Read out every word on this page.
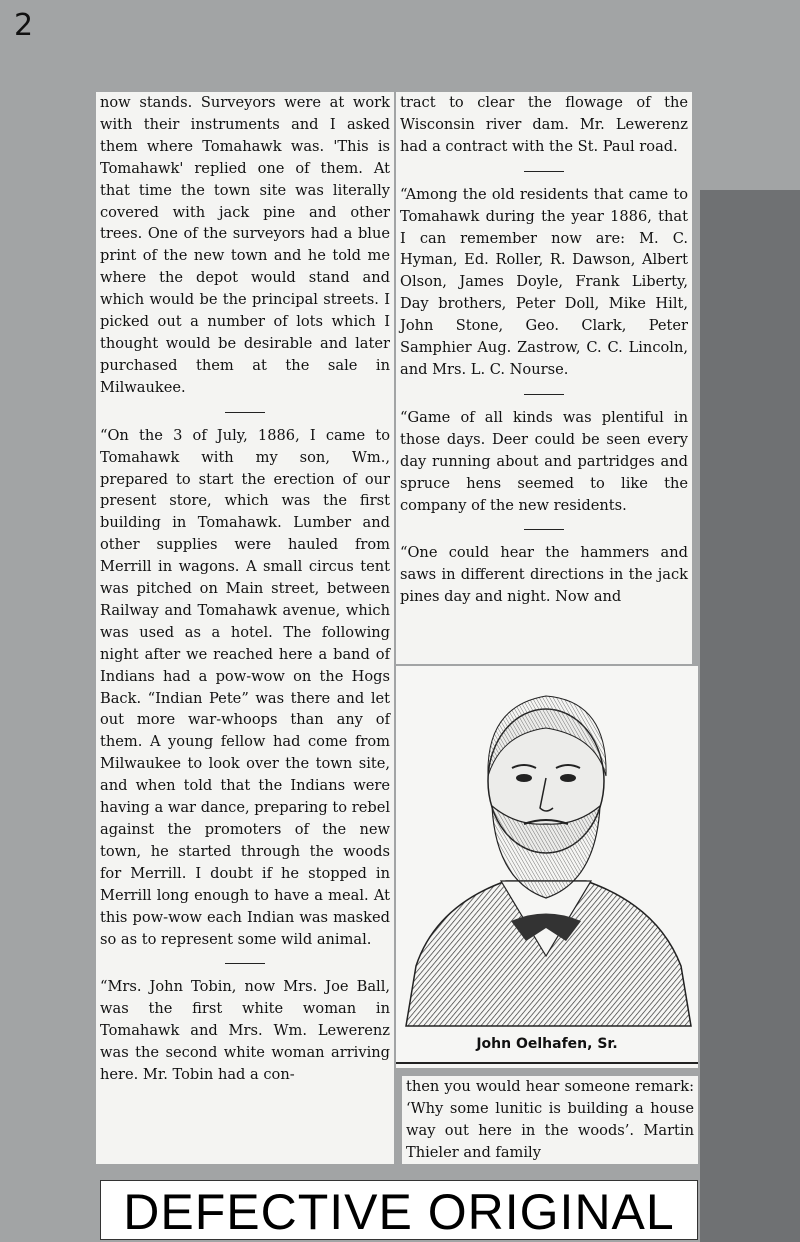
2

now stands. Surveyors were at work with their instruments and I asked them where Tomahawk was. 'This is Tomahawk' replied one of them. At that time the town site was literally covered with jack pine and other trees. One of the surveyors had a blue print of the new town and he told me where the depot would stand and which would be the principal streets. I picked out a number of lots which I thought would be desirable and later purchased them at the sale in Milwaukee.

“On the 3 of July, 1886, I came to Tomahawk with my son, Wm., prepared to start the erection of our present store, which was the first building in Tomahawk. Lumber and other supplies were hauled from Merrill in wagons. A small circus tent was pitched on Main street, between Railway and Tomahawk avenue, which was used as a hotel. The following night after we reached here a band of Indians had a pow-wow on the Hogs Back. “Indian Pete” was there and let out more war-whoops than any of them. A young fellow had come from Milwaukee to look over the town site, and when told that the Indians were having a war dance, preparing to rebel against the promoters of the new town, he started through the woods for Merrill. I doubt if he stopped in Merrill long enough to have a meal. At this pow-wow each Indian was masked so as to represent some wild animal.

“Mrs. John Tobin, now Mrs. Joe Ball, was the first white woman in Tomahawk and Mrs. Wm. Lewerenz was the second white woman arriving here. Mr. Tobin had a con-

tract to clear the flowage of the Wisconsin river dam. Mr. Lewerenz had a contract with the St. Paul road.

“Among the old residents that came to Tomahawk during the year 1886, that I can remember now are: M. C. Hyman, Ed. Roller, R. Dawson, Albert Olson, James Doyle, Frank Liberty, Day brothers, Peter Doll, Mike Hilt, John Stone, Geo. Clark, Peter Samphier Aug. Zastrow, C. C. Lincoln, and Mrs. L. C. Nourse.

“Game of all kinds was plentiful in those days. Deer could be seen every day running about and partridges and spruce hens seemed to like the company of the new residents.

“One could hear the hammers and saws in different directions in the jack pines day and night. Now and

John Oelhafen, Sr.

then you would hear someone remark: ‘Why some lunitic is building a house way out here in the woods’. Martin Thieler and family

DEFECTIVE ORIGINAL
